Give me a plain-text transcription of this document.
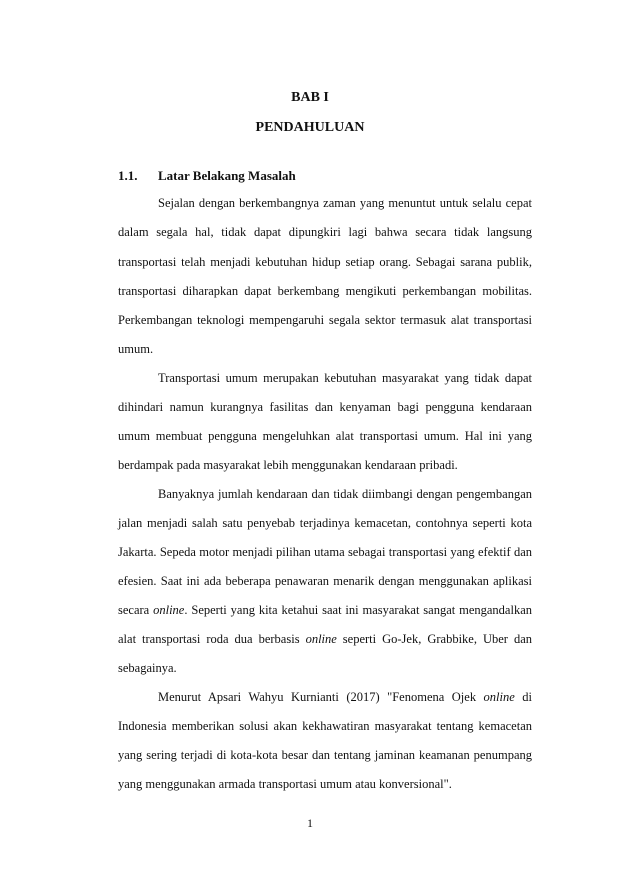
BAB I

PENDAHULUAN

1.1. Latar Belakang Masalah

Sejalan dengan berkembangnya zaman yang menuntut untuk selalu cepat

dalam segala hal, tidak dapat dipungkiri lagi bahwa secara tidak langsung

transportasi telah menjadi kebutuhan hidup setiap orang. Sebagai sarana publik,

transportasi diharapkan dapat berkembang mengikuti perkembangan mobilitas.

Perkembangan teknologi mempengaruhi segala sektor termasuk alat transportasi

umum.

Transportasi umum merupakan kebutuhan masyarakat yang tidak dapat

dihindari namun kurangnya fasilitas dan kenyaman bagi pengguna kendaraan

umum membuat pengguna mengeluhkan alat transportasi umum. Hal ini yang

berdampak pada masyarakat lebih menggunakan kendaraan pribadi.

Banyaknya jumlah kendaraan dan tidak diimbangi dengan pengembangan

jalan menjadi salah satu penyebab terjadinya kemacetan, contohnya seperti kota

Jakarta. Sepeda motor menjadi pilihan utama sebagai transportasi yang efektif dan

efesien. Saat ini ada beberapa penawaran menarik dengan menggunakan aplikasi

secara online. Seperti yang kita ketahui saat ini masyarakat sangat mengandalkan

alat transportasi roda dua berbasis online seperti Go-Jek, Grabbike, Uber dan

sebagainya.

Menurut Apsari Wahyu Kurnianti (2017) "Fenomena Ojek online di

Indonesia memberikan solusi akan kekhawatiran masyarakat tentang kemacetan

yang sering terjadi di kota-kota besar dan tentang jaminan keamanan penumpang

yang menggunakan armada transportasi umum atau konversional".

1
